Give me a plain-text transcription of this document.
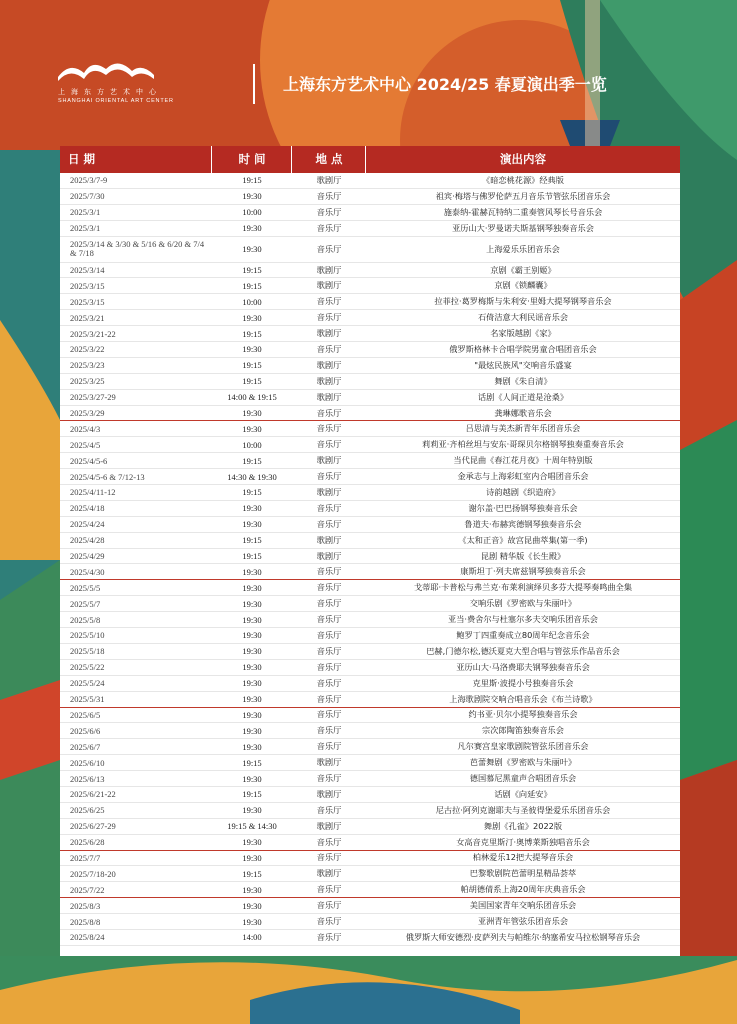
上海东方艺术中心
SHANGHAI ORIENTAL ART CENTER
上海东方艺术中心 2024/25 春夏演出季一览
日 期	时 间	地 点	演出内容
2025/3/7-9	19:15	歌剧厅	《暗恋桃花源》经典版
2025/7/30	19:30	音乐厅	祖宾·梅塔与佛罗伦萨五月音乐节管弦乐团音乐会
2025/3/1	10:00	音乐厅	施泰纳-霍赫瓦特纳二重奏管风琴长号音乐会
2025/3/1	19:30	音乐厅	亚历山大·罗曼诺夫斯基钢琴独奏音乐会
2025/3/14 & 3/30 & 5/16 & 6/20 & 7/4 & 7/18	19:30	音乐厅	上海爱乐乐团音乐会
2025/3/14	19:15	歌剧厅	京剧《霸王别姬》
2025/3/15	19:15	歌剧厅	京剧《锁麟囊》
2025/3/15	10:00	音乐厅	拉菲拉·葛罗梅斯与朱利安·里姆大提琴钢琴音乐会
2025/3/21	19:30	音乐厅	石倚洁意大利民谣音乐会
2025/3/21-22	19:15	歌剧厅	名家版越剧《家》
2025/3/22	19:30	音乐厅	俄罗斯格林卡合唱学院男童合唱团音乐会
2025/3/23	19:15	歌剧厅	"最炫民族风"交响音乐盛宴
2025/3/25	19:15	歌剧厅	舞剧《朱自清》
2025/3/27-29	14:00 & 19:15	歌剧厅	话剧《人间正道是沧桑》
2025/3/29	19:30	音乐厅	龚琳娜歌音乐会
2025/4/3	19:30	音乐厅	吕思清与美杰新青年乐团音乐会
2025/4/5	10:00	音乐厅	莉莉亚·齐柏丝坦与安东·哥琛贝尔格钢琴独奏重奏音乐会
2025/4/5-6	19:15	歌剧厅	当代昆曲《春江花月夜》十周年特别版
2025/4/5-6 & 7/12-13	14:30 & 19:30	音乐厅	金承志与上海彩虹室内合唱团音乐会
2025/4/11-12	19:15	歌剧厅	诗韵越剧《织造府》
2025/4/18	19:30	音乐厅	谢尔盖·巴巴扬钢琴独奏音乐会
2025/4/24	19:30	音乐厅	鲁道夫·布赫宾德钢琴独奏音乐会
2025/4/28	19:15	歌剧厅	《太和正音》故宫昆曲萃集(第一季)
2025/4/29	19:15	歌剧厅	昆剧 精华版《长生殿》
2025/4/30	19:30	音乐厅	康斯坦丁·列夫席兹钢琴独奏音乐会
2025/5/5	19:30	音乐厅	戈蒂耶·卡普松与弗兰克·布莱利演绎贝多芬大提琴奏鸣曲全集
2025/5/7	19:30	音乐厅	交响乐剧《罗密欧与朱丽叶》
2025/5/8	19:30	音乐厅	亚当·费舍尔与杜塞尔多夫交响乐团音乐会
2025/5/10	19:30	音乐厅	鲍罗丁四重奏成立80周年纪念音乐会
2025/5/18	19:30	音乐厅	巴赫,门德尔松,德沃夏克大型合唱与管弦乐作品音乐会
2025/5/22	19:30	音乐厅	亚历山大·马洛费耶夫钢琴独奏音乐会
2025/5/24	19:30	音乐厅	克里斯·波提小号独奏音乐会
2025/5/31	19:30	音乐厅	上海歌剧院交响合唱音乐会《布兰诗歌》
2025/6/5	19:30	音乐厅	约书亚·贝尔小提琴独奏音乐会
2025/6/6	19:30	音乐厅	宗次郎陶笛独奏音乐会
2025/6/7	19:30	音乐厅	凡尔赛宫皇家歌剧院管弦乐团音乐会
2025/6/10	19:15	歌剧厅	芭蕾舞剧《罗密欧与朱丽叶》
2025/6/13	19:30	音乐厅	德国慕尼黑童声合唱团音乐会
2025/6/21-22	19:15	歌剧厅	话剧《向延安》
2025/6/25	19:30	音乐厅	尼古拉·阿列克谢耶夫与圣彼得堡爱乐乐团音乐会
2025/6/27-29	19:15 & 14:30	歌剧厅	舞剧《孔雀》2022版
2025/6/28	19:30	音乐厅	女高音克里斯汀·奥博莱斯独唱音乐会
2025/7/7	19:30	音乐厅	柏林爱乐12把大提琴音乐会
2025/7/18-20	19:15	歌剧厅	巴黎歌剧院芭蕾明星精品荟萃
2025/7/22	19:30	音乐厅	帕胡德倩系上海20周年庆典音乐会
2025/8/3	19:30	音乐厅	美国国家青年交响乐团音乐会
2025/8/8	19:30	音乐厅	亚洲青年管弦乐团音乐会
2025/8/24	14:00	音乐厅	俄罗斯大师安德烈·皮萨列夫与帕维尔·纳塞希安马拉松钢琴音乐会
